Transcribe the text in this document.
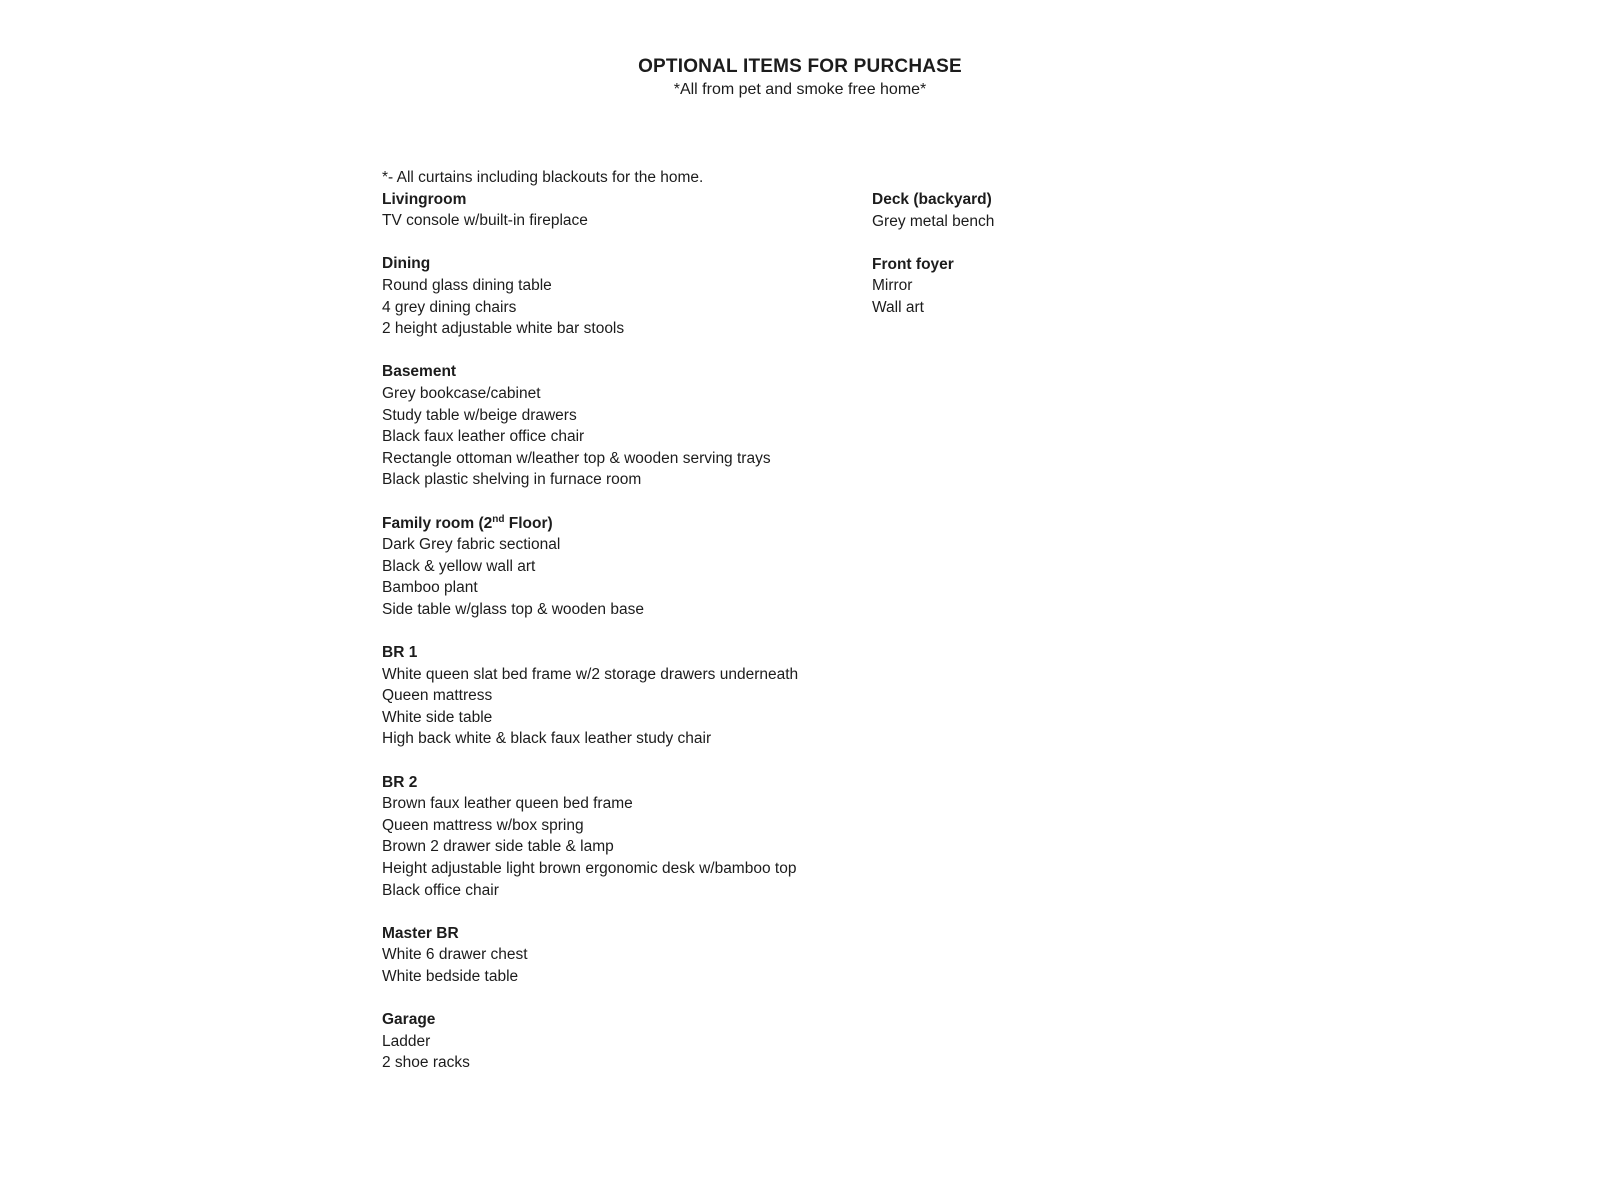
OPTIONAL ITEMS FOR PURCHASE
*All from pet and smoke free home*
*- All curtains including blackouts for the home.
Livingroom
TV console w/built-in fireplace
Dining
Round glass dining table
4 grey dining chairs
2 height adjustable white bar stools
Basement
Grey bookcase/cabinet
Study table w/beige drawers
Black faux leather office chair
Rectangle ottoman w/leather top & wooden serving trays
Black plastic shelving in furnace room
Family room (2nd Floor)
Dark Grey fabric sectional
Black & yellow wall art
Bamboo plant
Side table w/glass top & wooden base
BR 1
White queen slat bed frame w/2 storage drawers underneath
Queen mattress
White side table
High back white & black faux leather study chair
BR 2
Brown faux leather queen bed frame
Queen mattress w/box spring
Brown 2 drawer side table & lamp
Height adjustable light brown ergonomic desk w/bamboo top
Black office chair
Master BR
White 6 drawer chest
White bedside table
Garage
Ladder
2 shoe racks
Deck (backyard)
Grey metal bench
Front foyer
Mirror
Wall art
